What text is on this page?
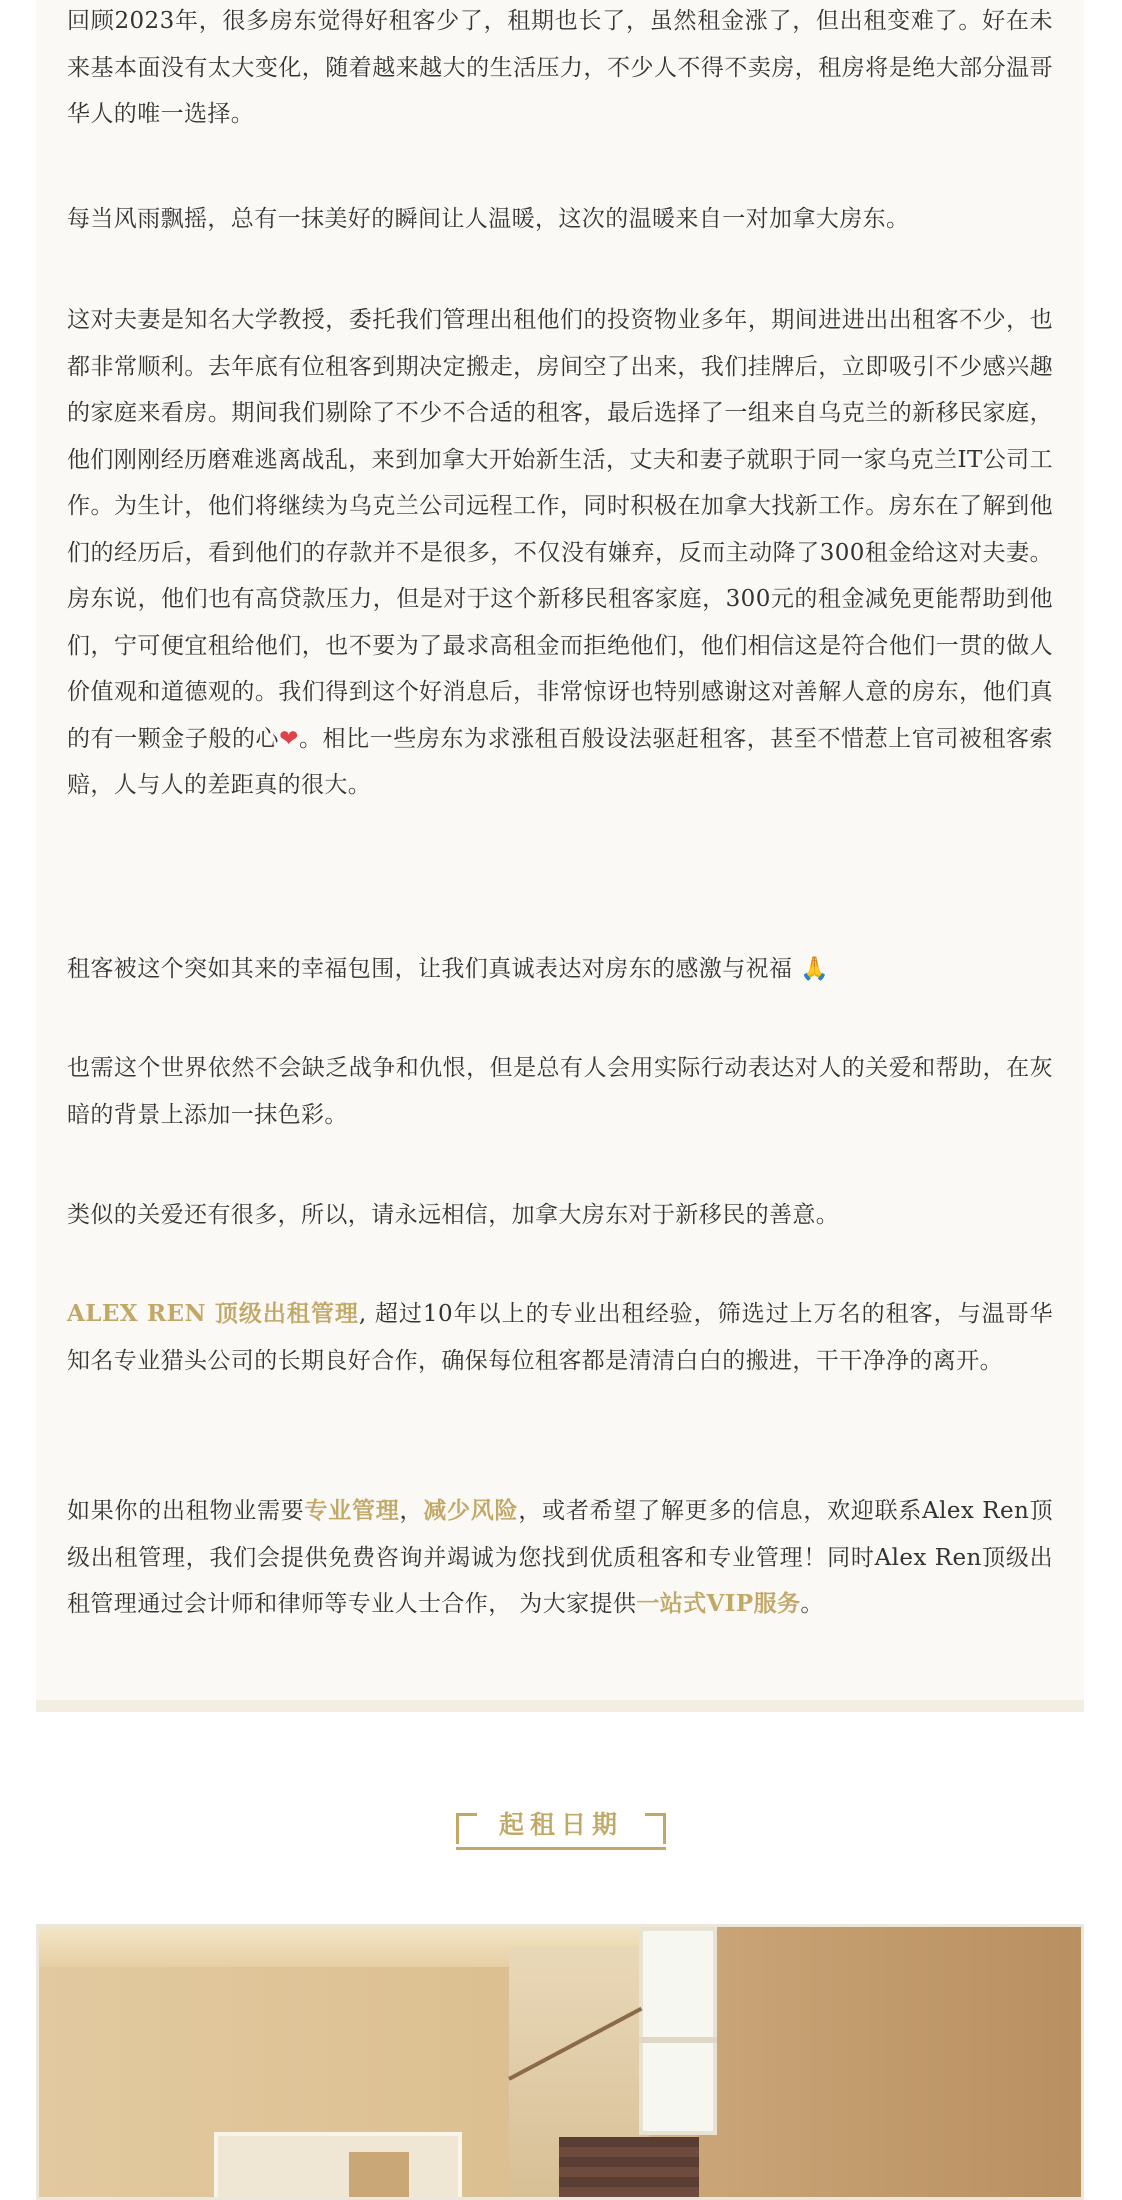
回顾2023年，很多房东觉得好租客少了，租期也长了，虽然租金涨了，但出租变难了。好在未来基本面没有太大变化，随着越来越大的生活压力，不少人不得不卖房，租房将是绝大部分温哥华人的唯一选择。

每当风雨飘摇，总有一抹美好的瞬间让人温暖，这次的温暖来自一对加拿大房东。

这对夫妻是知名大学教授，委托我们管理出租他们的投资物业多年，期间进进出出租客不少，也都非常顺利。去年底有位租客到期决定搬走，房间空了出来，我们挂牌后，立即吸引不少感兴趣的家庭来看房。期间我们剔除了不少不合适的租客，最后选择了一组来自乌克兰的新移民家庭，他们刚刚经历磨难逃离战乱，来到加拿大开始新生活，丈夫和妻子就职于同一家乌克兰IT公司工作。为生计，他们将继续为乌克兰公司远程工作，同时积极在加拿大找新工作。房东在了解到他们的经历后，看到他们的存款并不是很多，不仅没有嫌弃，反而主动降了300租金给这对夫妻。房东说，他们也有高贷款压力，但是对于这个新移民租客家庭，300元的租金减免更能帮助到他们，宁可便宜租给他们，也不要为了最求高租金而拒绝他们，他们相信这是符合他们一贯的做人价值观和道德观的。我们得到这个好消息后，非常惊讶也特别感谢这对善解人意的房东，他们真的有一颗金子般的心❤。相比一些房东为求涨租百般设法驱赶租客，甚至不惜惹上官司被租客索赔，人与人的差距真的很大。

租客被这个突如其来的幸福包围，让我们真诚表达对房东的感激与祝福 🙏

也需这个世界依然不会缺乏战争和仇恨，但是总有人会用实际行动表达对人的关爱和帮助，在灰暗的背景上添加一抹色彩。

类似的关爱还有很多，所以，请永远相信，加拿大房东对于新移民的善意。

ALEX REN 顶级出租管理, 超过10年以上的专业出租经验，筛选过上万名的租客，与温哥华知名专业猎头公司的长期良好合作，确保每位租客都是清清白白的搬进，干干净净的离开。

如果你的出租物业需要专业管理，减少风险，或者希望了解更多的信息，欢迎联系Alex Ren顶级出租管理，我们会提供免费咨询并竭诚为您找到优质租客和专业管理！同时Alex Ren顶级出租管理通过会计师和律师等专业人士合作， 为大家提供一站式VIP服务。

起租日期
